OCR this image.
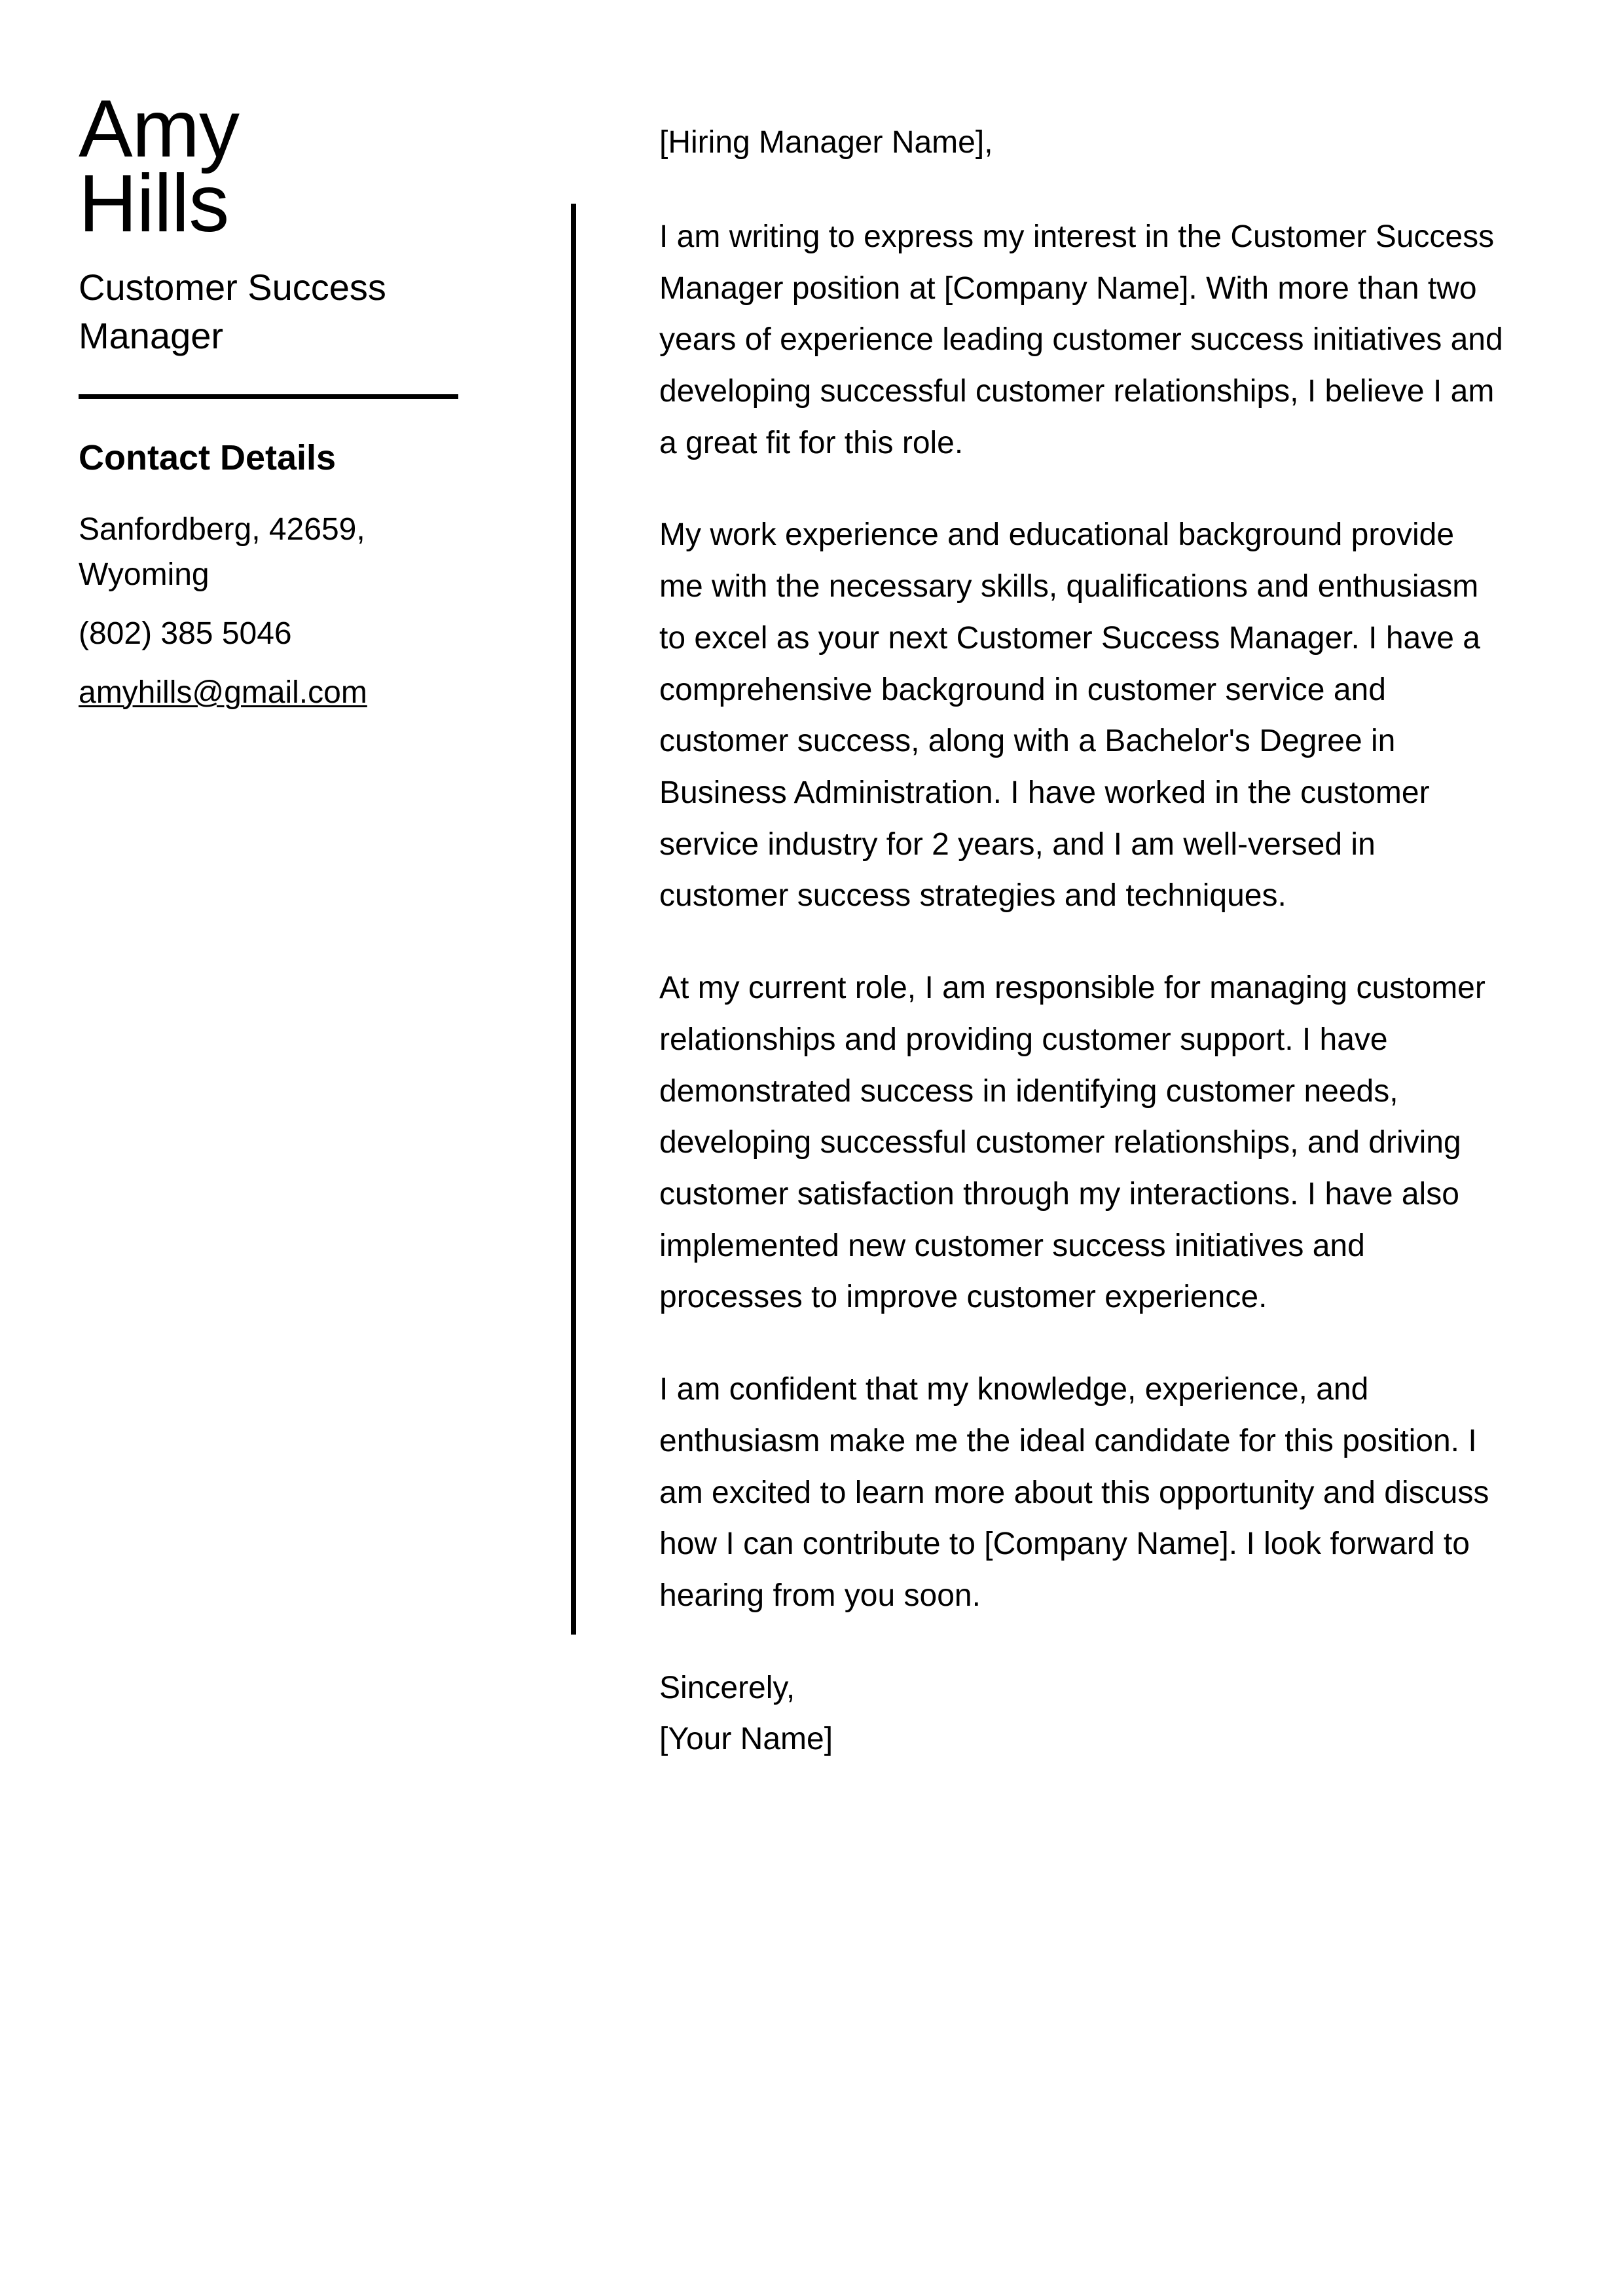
Amy
Hills
Customer Success Manager
Contact Details
Sanfordberg, 42659, Wyoming
(802) 385 5046
amyhills@gmail.com
[Hiring Manager Name],

I am writing to express my interest in the Customer Success Manager position at [Company Name]. With more than two years of experience leading customer success initiatives and developing successful customer relationships, I believe I am a great fit for this role.

My work experience and educational background provide me with the necessary skills, qualifications and enthusiasm to excel as your next Customer Success Manager. I have a comprehensive background in customer service and customer success, along with a Bachelor's Degree in Business Administration. I have worked in the customer service industry for 2 years, and I am well-versed in customer success strategies and techniques.

At my current role, I am responsible for managing customer relationships and providing customer support. I have demonstrated success in identifying customer needs, developing successful customer relationships, and driving customer satisfaction through my interactions. I have also implemented new customer success initiatives and processes to improve customer experience.

I am confident that my knowledge, experience, and enthusiasm make me the ideal candidate for this position. I am excited to learn more about this opportunity and discuss how I can contribute to [Company Name]. I look forward to hearing from you soon.

Sincerely,
[Your Name]
